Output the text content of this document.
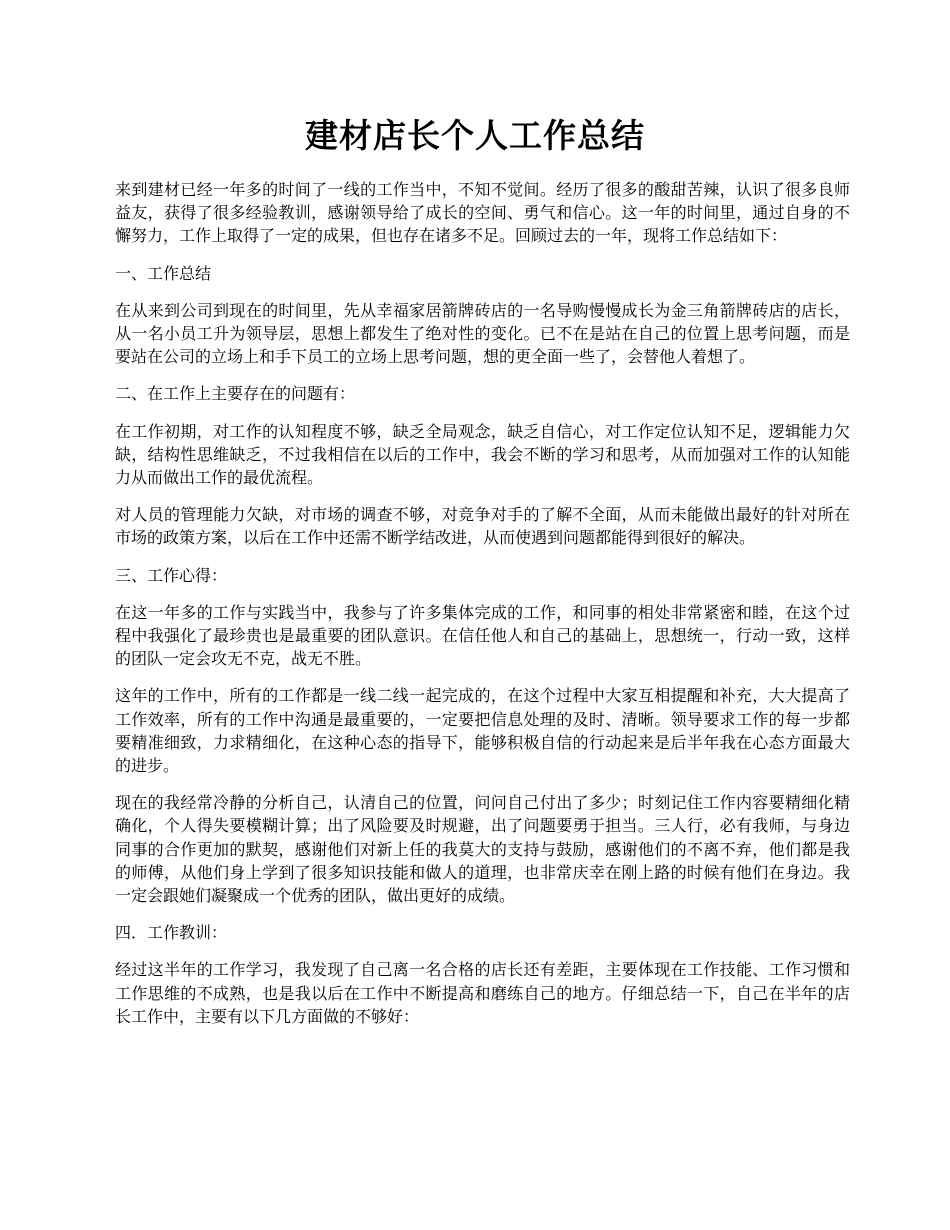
建材店长个人工作总结

来到建材已经一年多的时间了一线的工作当中，不知不觉间。经历了很多的酸甜苦辣，认识了很多良师益友，获得了很多经验教训，感谢领导给了成长的空间、勇气和信心。这一年的时间里，通过自身的不懈努力，工作上取得了一定的成果，但也存在诸多不足。回顾过去的一年，现将工作总结如下：

一、工作总结

在从来到公司到现在的时间里，先从幸福家居箭牌砖店的一名导购慢慢成长为金三角箭牌砖店的店长，从一名小员工升为领导层，思想上都发生了绝对性的变化。已不在是站在自己的位置上思考问题，而是要站在公司的立场上和手下员工的立场上思考问题，想的更全面一些了，会替他人着想了。

二、在工作上主要存在的问题有：

在工作初期，对工作的认知程度不够，缺乏全局观念，缺乏自信心，对工作定位认知不足，逻辑能力欠缺，结构性思维缺乏，不过我相信在以后的工作中，我会不断的学习和思考，从而加强对工作的认知能力从而做出工作的最优流程。

对人员的管理能力欠缺，对市场的调查不够，对竞争对手的了解不全面，从而未能做出最好的针对所在市场的政策方案，以后在工作中还需不断学结改进，从而使遇到问题都能得到很好的解决。

三、工作心得：

在这一年多的工作与实践当中，我参与了许多集体完成的工作，和同事的相处非常紧密和睦，在这个过程中我强化了最珍贵也是最重要的团队意识。在信任他人和自己的基础上，思想统一，行动一致，这样的团队一定会攻无不克，战无不胜。

这年的工作中，所有的工作都是一线二线一起完成的，在这个过程中大家互相提醒和补充，大大提高了工作效率，所有的工作中沟通是最重要的，一定要把信息处理的及时、清晰。领导要求工作的每一步都要精准细致，力求精细化，在这种心态的指导下，能够积极自信的行动起来是后半年我在心态方面最大的进步。

现在的我经常冷静的分析自己，认清自己的位置，问问自己付出了多少；时刻记住工作内容要精细化精确化，个人得失要模糊计算；出了风险要及时规避，出了问题要勇于担当。三人行，必有我师，与身边同事的合作更加的默契，感谢他们对新上任的我莫大的支持与鼓励，感谢他们的不离不弃，他们都是我的师傅，从他们身上学到了很多知识技能和做人的道理，也非常庆幸在刚上路的时候有他们在身边。我一定会跟她们凝聚成一个优秀的团队，做出更好的成绩。

四．工作教训：

经过这半年的工作学习，我发现了自己离一名合格的店长还有差距，主要体现在工作技能、工作习惯和工作思维的不成熟，也是我以后在工作中不断提高和磨练自己的地方。仔细总结一下，自己在半年的店长工作中，主要有以下几方面做的不够好：
